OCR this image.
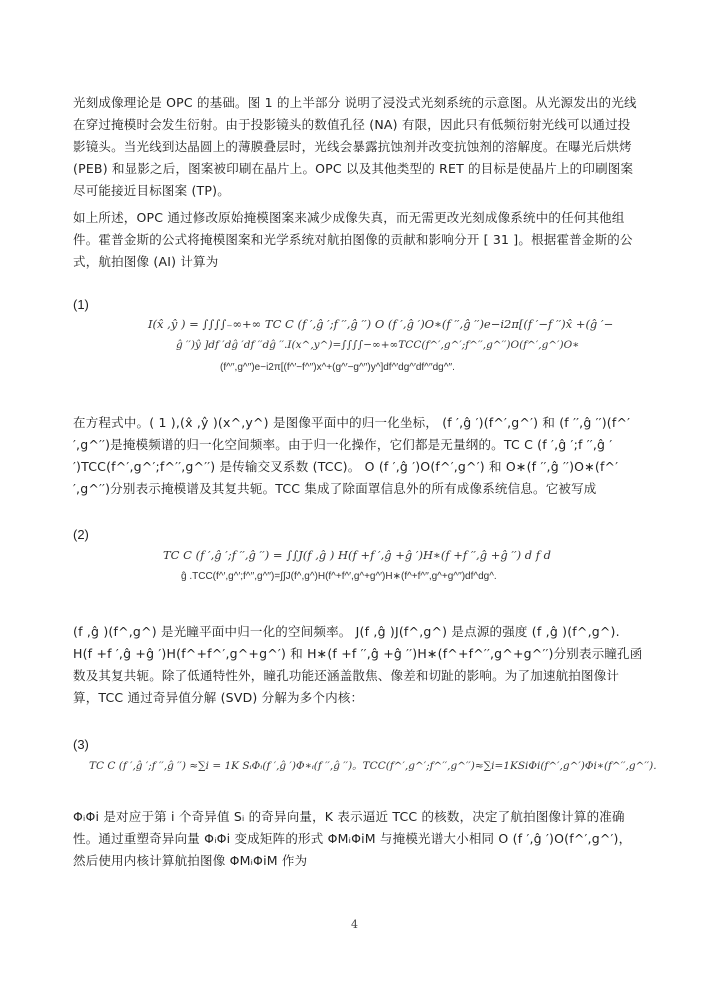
光刻成像理论是 OPC 的基础。图 1 的上半部分 说明了浸没式光刻系统的示意图。从光源发出的光线在穿过掩模时会发生衍射。由于投影镜头的数值孔径 (NA) 有限，因此只有低频衍射光线可以通过投影镜头。当光线到达晶圆上的薄膜叠层时，光线会暴露抗蚀剂并改变抗蚀剂的溶解度。在曝光后烘烤 (PEB) 和显影之后，图案被印刷在晶片上。OPC 以及其他类型的 RET 的目标是使晶片上的印刷图案尽可能接近目标图案 (TP)。

如上所述，OPC 通过修改原始掩模图案来减少成像失真，而无需更改光刻成像系统中的任何其他组件。霍普金斯的公式将掩模图案和光学系统对航拍图像的贡献和影响分开 [ 31 ]。根据霍普金斯的公式，航拍图像 (AI) 计算为

(1)

I(x̂ ,ŷ ) = ∫∫∫∫₋∞+∞ TC C (f ′,ĝ ′;f ′′,ĝ ′′) O (f ′,ĝ ′)O∗(f ′′,ĝ ′′)e−i2π[(f ′−f ′′)x̂ +(ĝ ′−

ĝ ′′)ŷ ]df ′dĝ ′df ′′dĝ ′′.I(x^,y^)=∫∫∫∫−∞+∞TCC(f^′,g^′;f^′′,g^′′)O(f^′,g^′)O∗

(f^′′,g^′′)e−i2π[(f^′−f^′′)x^+(g^′−g^′′)y^]df^′dg^′df^′′dg^′′.

在方程式中。( 1 ),(x̂ ,ŷ )(x^,y^) 是图像平面中的归一化坐标， (f ′,ĝ ′)(f^′,g^′) 和 (f ′′,ĝ ′′)(f^′′,g^′′)是掩模频谱的归一化空间频率。由于归一化操作，它们都是无量纲的。TC C (f ′,ĝ ′;f ′′,ĝ ′′)TCC(f^′,g^′;f^′′,g^′′) 是传输交叉系数 (TCC)。 O (f ′,ĝ ′)O(f^′,g^′) 和 O∗(f ′′,ĝ ′′)O∗(f^′′,g^′′)分别表示掩模谱及其复共轭。TCC 集成了除面罩信息外的所有成像系统信息。它被写成

(2)

TC C (f ′,ĝ ′;f ′′,ĝ ′′) = ∫∫J(f ,ĝ ) H(f +f ′,ĝ +ĝ ′)H∗(f +f ′′,ĝ +ĝ ′′) d f d

ĝ .TCC(f^′,g^′;f^′′,g^′′)=∫∫J(f^,g^)H(f^+f^′,g^+g^′)H∗(f^+f^′′,g^+g^′′)df^dg^.

(f ,ĝ )(f^,g^) 是光瞳平面中归一化的空间频率。 J(f ,ĝ )J(f^,g^) 是点源的强度 (f ,ĝ )(f^,g^). H(f +f ′,ĝ +ĝ ′)H(f^+f^′,g^+g^′) 和 H∗(f +f ′′,ĝ +ĝ ′′)H∗(f^+f^′′,g^+g^′′)分别表示瞳孔函数及其复共轭。除了低通特性外，瞳孔功能还涵盖散焦、像差和切趾的影响。为了加速航拍图像计算，TCC 通过奇异值分解 (SVD) 分解为多个内核：

(3)

TC C (f ′,ĝ ′;f ′′,ĝ ′′) ≈∑i = 1K SᵢΦᵢ(f ′,ĝ ′)Φ∗ᵢ(f ′′,ĝ ′′)。TCC(f^′,g^′;f^′′,g^′′)≈∑i=1KSiΦi(f^′,g^′)Φi∗(f^′′,g^′′).

ΦᵢΦi 是对应于第 i 个奇异值 Sᵢ 的奇异向量，K 表示逼近 TCC 的核数，决定了航拍图像计算的准确性。通过重塑奇异向量 ΦᵢΦi 变成矩阵的形式 ΦMᵢΦiM 与掩模光谱大小相同 O (f ′,ĝ ′)O(f^′,g^′)，然后使用内核计算航拍图像 ΦMᵢΦiM 作为

4
